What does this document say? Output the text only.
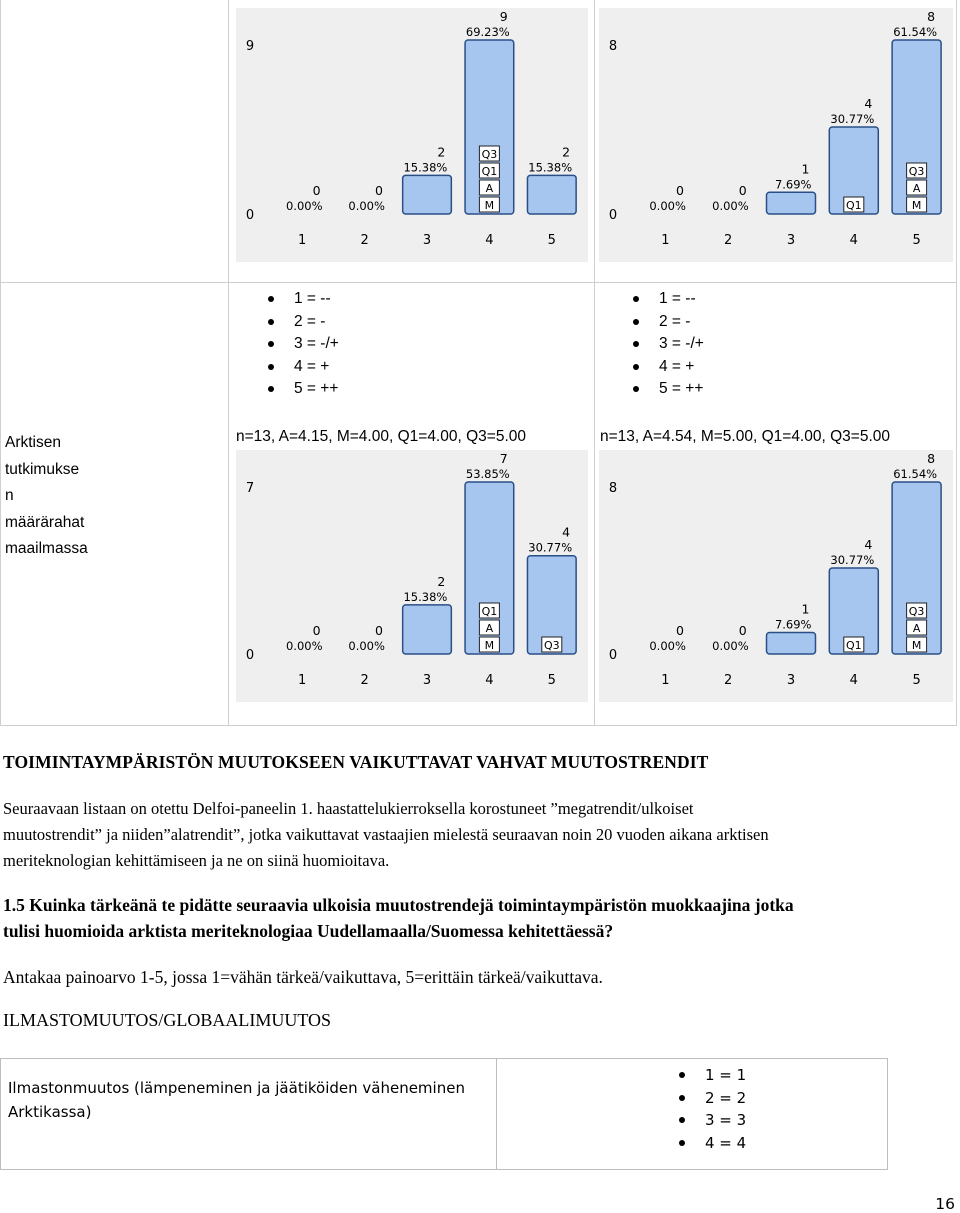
0
9
0.00%
0
1
0.00%
0
2
15.38%
2
3
69.23%
9
4
Q3
Q1
A
M
15.38%
2
5
0
8
0.00%
0
1
0.00%
0
2
7.69%
1
3
30.77%
4
4
Q1
61.54%
8
5
Q3
A
M
0
7
0.00%
0
1
0.00%
0
2
15.38%
2
3
53.85%
7
4
Q1
A
M
30.77%
4
5
Q3
0
8
0.00%
0
1
0.00%
0
2
7.69%
1
3
30.77%
4
4
Q1
61.54%
8
5
Q3
A
M
1 = --
2 = -
3 = -/+
4 = +
5 = ++
1 = --
2 = -
3 = -/+
4 = +
5 = ++
n=13, A=4.15, M=4.00, Q1=4.00, Q3=5.00	n=13, A=4.54, M=5.00, Q1=4.00, Q3=5.00
Arktisen
tutkimukse
n
määrärahat
maailmassa
TOIMINTAYMPÄRISTÖN MUUTOKSEEN VAIKUTTAVAT VAHVAT MUUTOSTRENDIT
Seuraavaan listaan on otettu Delfoi-paneelin 1. haastattelukierroksella korostuneet ”megatrendit/ulkoiset
muutostrendit” ja niiden”alatrendit”, jotka vaikuttavat vastaajien mielestä seuraavan noin 20 vuoden aikana arktisen
meriteknologian kehittämiseen ja ne on siinä huomioitava.
1.5 Kuinka tärkeänä te pidätte seuraavia ulkoisia muutostrendejä toimintaympäristön muokkaajina jotka
tulisi huomioida arktista meriteknologiaa Uudellamaalla/Suomessa kehitettäessä?
Antakaa painoarvo 1-5, jossa 1=vähän tärkeä/vaikuttava, 5=erittäin tärkeä/vaikuttava.
ILMASTOMUUTOS/GLOBAALIMUUTOS
Ilmastonmuutos (lämpeneminen ja jäätiköiden väheneminen
Arktikassa)
1 = 1
2 = 2
3 = 3
4 = 4
16
